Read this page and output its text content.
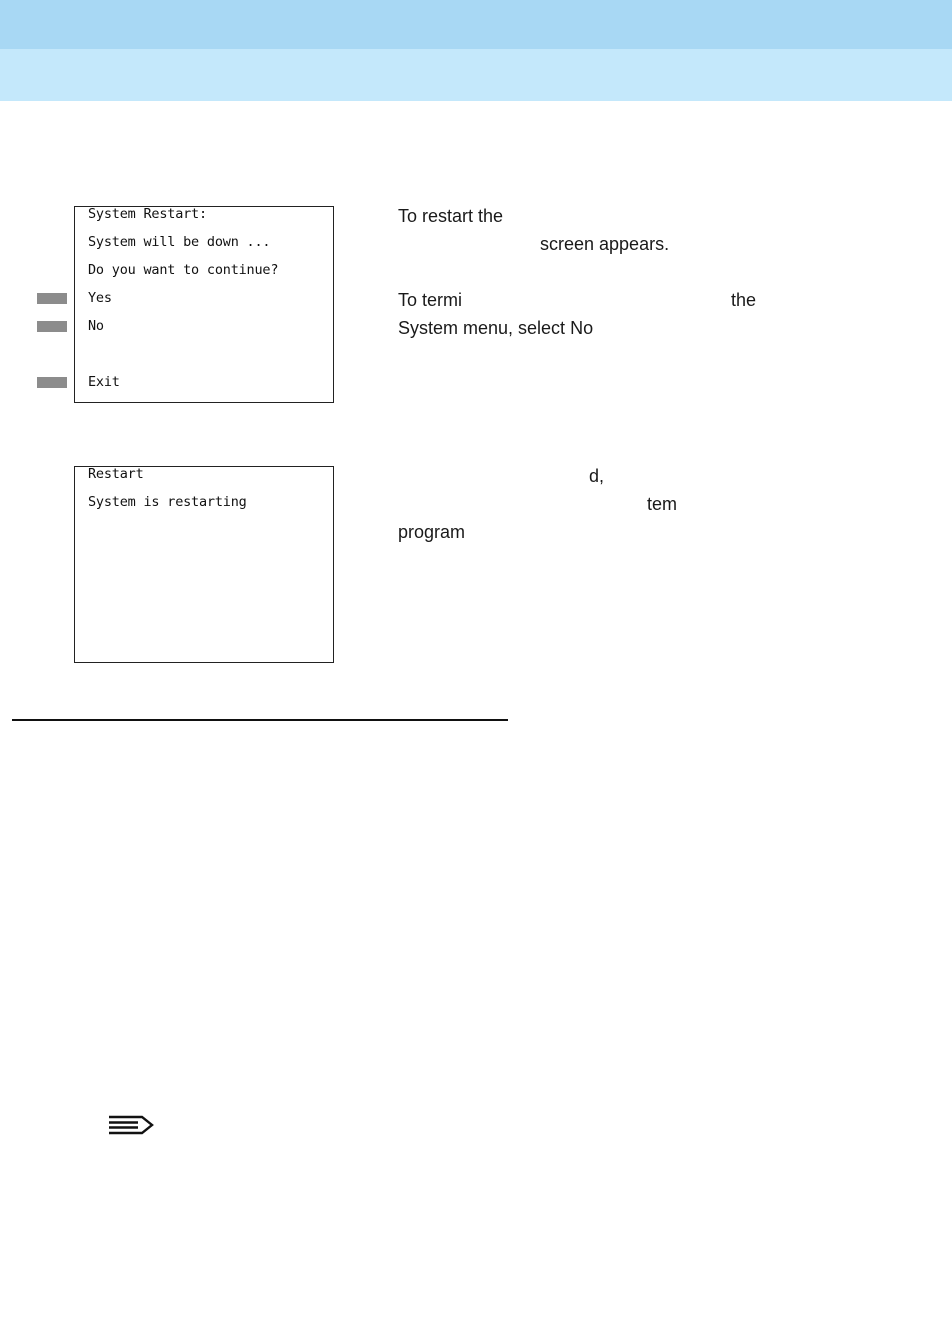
System Restart:
System will be down ...
Do you want to continue?
Yes
No
Exit
Restart
System is restarting
To restart the
screen appears.
To termi	the
System menu, select No
d,
tem
program
